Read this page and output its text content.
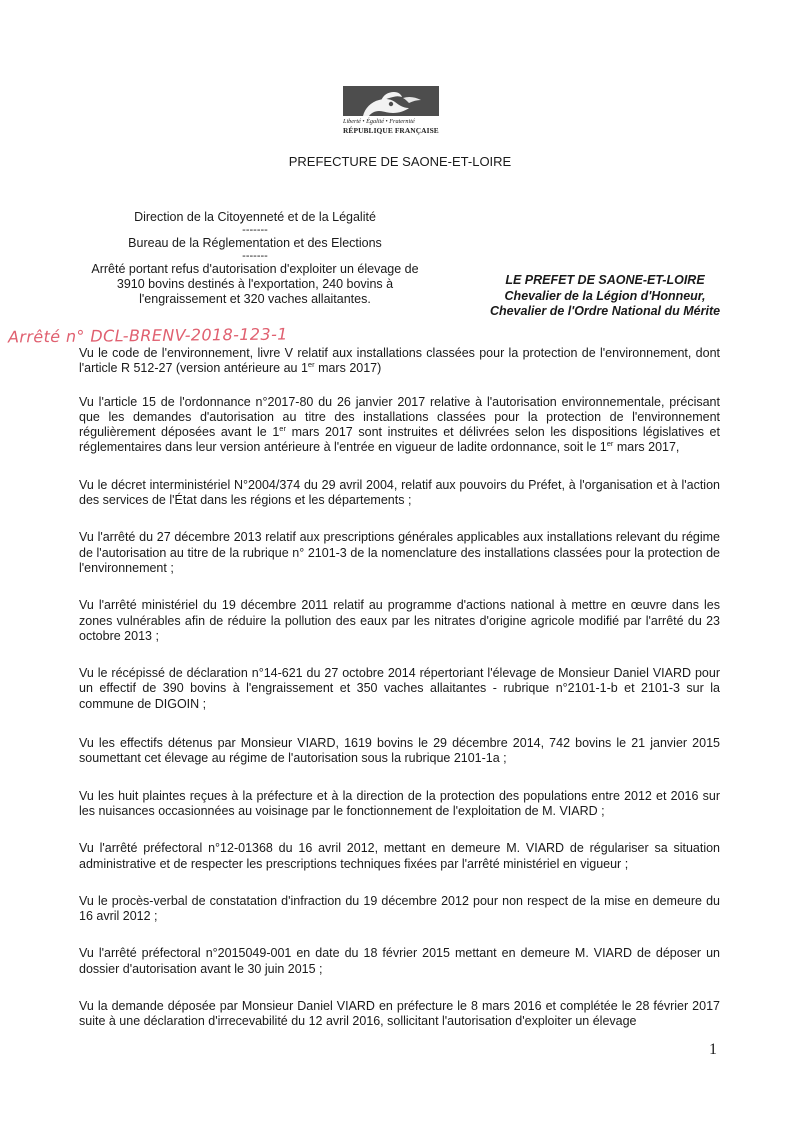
Liberté • Égalité • Fraternité
RÉPUBLIQUE FRANÇAISE
PREFECTURE DE SAONE-ET-LOIRE
Direction de la Citoyenneté et de la Légalité
-------
Bureau de la Réglementation et des Elections
-------
Arrêté portant refus d'autorisation d'exploiter un élevage de
3910 bovins destinés à l'exportation, 240 bovins à
l'engraissement et 320 vaches allaitantes.
LE PREFET DE SAONE-ET-LOIRE
Chevalier de la Légion d'Honneur,
Chevalier de l'Ordre National du Mérite
Arrêté n° DCL-BRENV-2018-123-1

Vu le code de l'environnement, livre V relatif aux installations classées pour la protection de l'environnement, dont l'article R 512-27 (version antérieure au 1er mars 2017)

Vu l'article 15 de l'ordonnance n°2017-80 du 26 janvier 2017 relative à l'autorisation environnementale, précisant que les demandes d'autorisation au titre des installations classées pour la protection de l'environnement régulièrement déposées avant le 1er mars 2017 sont instruites et délivrées selon les dispositions législatives et réglementaires dans leur version antérieure à l'entrée en vigueur de ladite ordonnance, soit le 1er mars 2017,

Vu le décret interministériel N°2004/374 du 29 avril 2004, relatif aux pouvoirs du Préfet, à l'organisation et à l'action des services de l'État dans les régions et les départements ;

Vu l'arrêté du 27 décembre 2013 relatif aux prescriptions générales applicables aux installations relevant du régime de l'autorisation au titre de la rubrique n° 2101-3 de la nomenclature des installations classées pour la protection de l'environnement ;

Vu l'arrêté ministériel du 19 décembre 2011 relatif au programme d'actions national à mettre en œuvre dans les zones vulnérables afin de réduire la pollution des eaux par les nitrates d'origine agricole modifié par l'arrêté du 23 octobre 2013 ;

Vu le récépissé de déclaration n°14-621 du 27 octobre 2014 répertoriant l'élevage de Monsieur Daniel VIARD pour un effectif de 390 bovins à l'engraissement et 350 vaches allaitantes - rubrique n°2101-1-b et 2101-3 sur la commune de DIGOIN ;

Vu les effectifs détenus par Monsieur VIARD, 1619 bovins le 29 décembre 2014, 742 bovins le 21 janvier 2015 soumettant cet élevage au régime de l'autorisation sous la rubrique 2101-1a ;

Vu les huit plaintes reçues à la préfecture et à la direction de la protection des populations entre 2012 et 2016 sur les nuisances occasionnées au voisinage par le fonctionnement de l'exploitation de M. VIARD ;

Vu l'arrêté préfectoral n°12-01368 du 16 avril 2012, mettant en demeure M. VIARD de régulariser sa situation administrative et de respecter les prescriptions techniques fixées par l'arrêté ministériel en vigueur ;

Vu le procès-verbal de constatation d'infraction du 19 décembre 2012 pour non respect de la mise en demeure du 16 avril 2012 ;

Vu l'arrêté préfectoral n°2015049-001 en date du 18 février 2015 mettant en demeure M. VIARD de déposer un dossier d'autorisation avant le 30 juin 2015 ;

Vu la demande déposée par Monsieur Daniel VIARD en préfecture le 8 mars 2016 et complétée le 28 février 2017 suite à une déclaration d'irrecevabilité du 12 avril 2016, sollicitant l'autorisation d'exploiter un élevage

1
